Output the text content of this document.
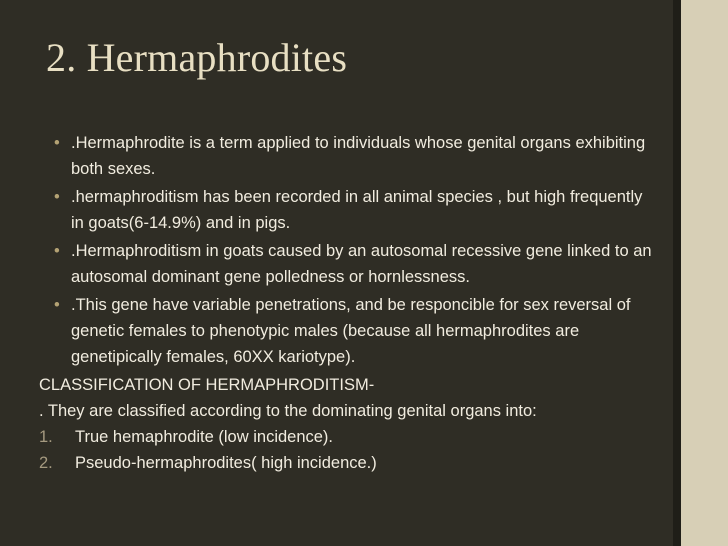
2. Hermaphrodites
• .Hermaphrodite is a term applied to individuals whose genital organs exhibiting both sexes.
• .hermaphroditism has been recorded in all animal species , but high frequently in goats(6-14.9%) and in pigs.
• .Hermaphroditism in goats caused by an autosomal recessive gene linked to an autosomal dominant gene polledness or hornlessness.
• .This gene have variable penetrations, and be responcible for sex reversal of genetic females to phenotypic males (because all hermaphrodites are genetipically females, 60XX kariotype).
CLASSIFICATION OF HERMAPHRODITISM-
. They are classified according to the dominating genital organs into:
1. True hemaphrodite (low incidence).
2. Pseudo-hermaphrodites( high incidence.)
